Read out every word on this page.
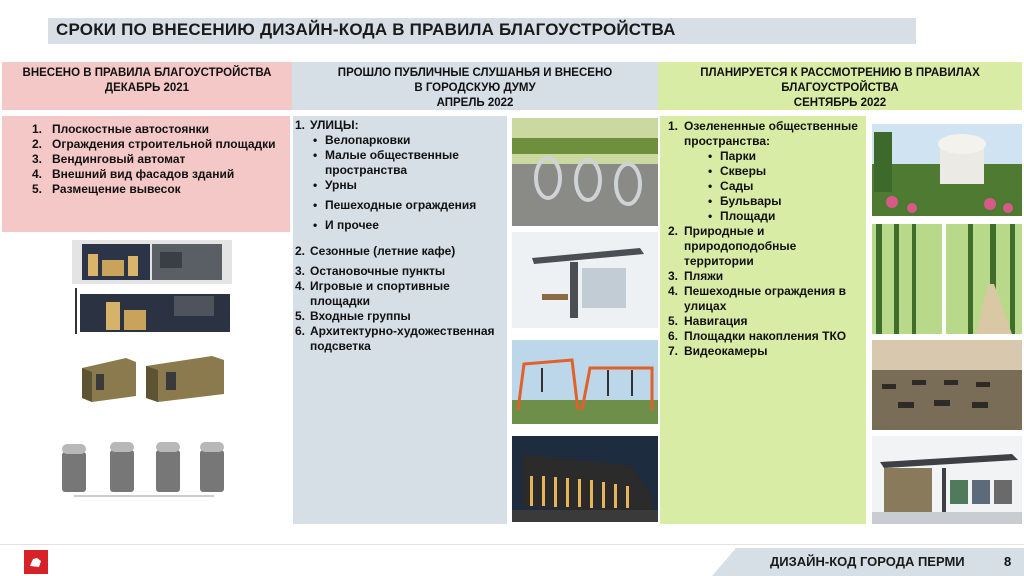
СРОКИ ПО ВНЕСЕНИЮ ДИЗАЙН-КОДА В ПРАВИЛА БЛАГОУСТРОЙСТВА
ВНЕСЕНО В ПРАВИЛА БЛАГОУСТРОЙСТВА
ДЕКАБРЬ 2021
ПРОШЛО ПУБЛИЧНЫЕ СЛУШАНЬЯ И ВНЕСЕНО
В ГОРОДСКУЮ ДУМУ
АПРЕЛЬ 2022
ПЛАНИРУЕТСЯ К РАССМОТРЕНИЮ В ПРАВИЛАХ
БЛАГОУСТРОЙСТВА
СЕНТЯБРЬ 2022
1. Плоскостные автостоянки
2. Ограждения строительной площадки
3. Вендинговый автомат
4. Внешний вид фасадов зданий
5. Размещение вывесок
1. УЛИЦЫ:
• Велопарковки
• Малые общественные пространства
• Урны
• Пешеходные ограждения
• И прочее
2. Сезонные (летние кафе)
3. Остановочные пункты
4. Игровые и спортивные площадки
5. Входные группы
6. Архитектурно-художественная подсветка
1. Озелененные общественные пространства:
• Парки
• Скверы
• Сады
• Бульвары
• Площади
2. Природные и природоподобные территории
3. Пляжи
4. Пешеходные ограждения в улицах
5. Навигация
6. Площадки накопления ТКО
7. Видеокамеры
ДИЗАЙН-КОД ГОРОДА ПЕРМИ	8
